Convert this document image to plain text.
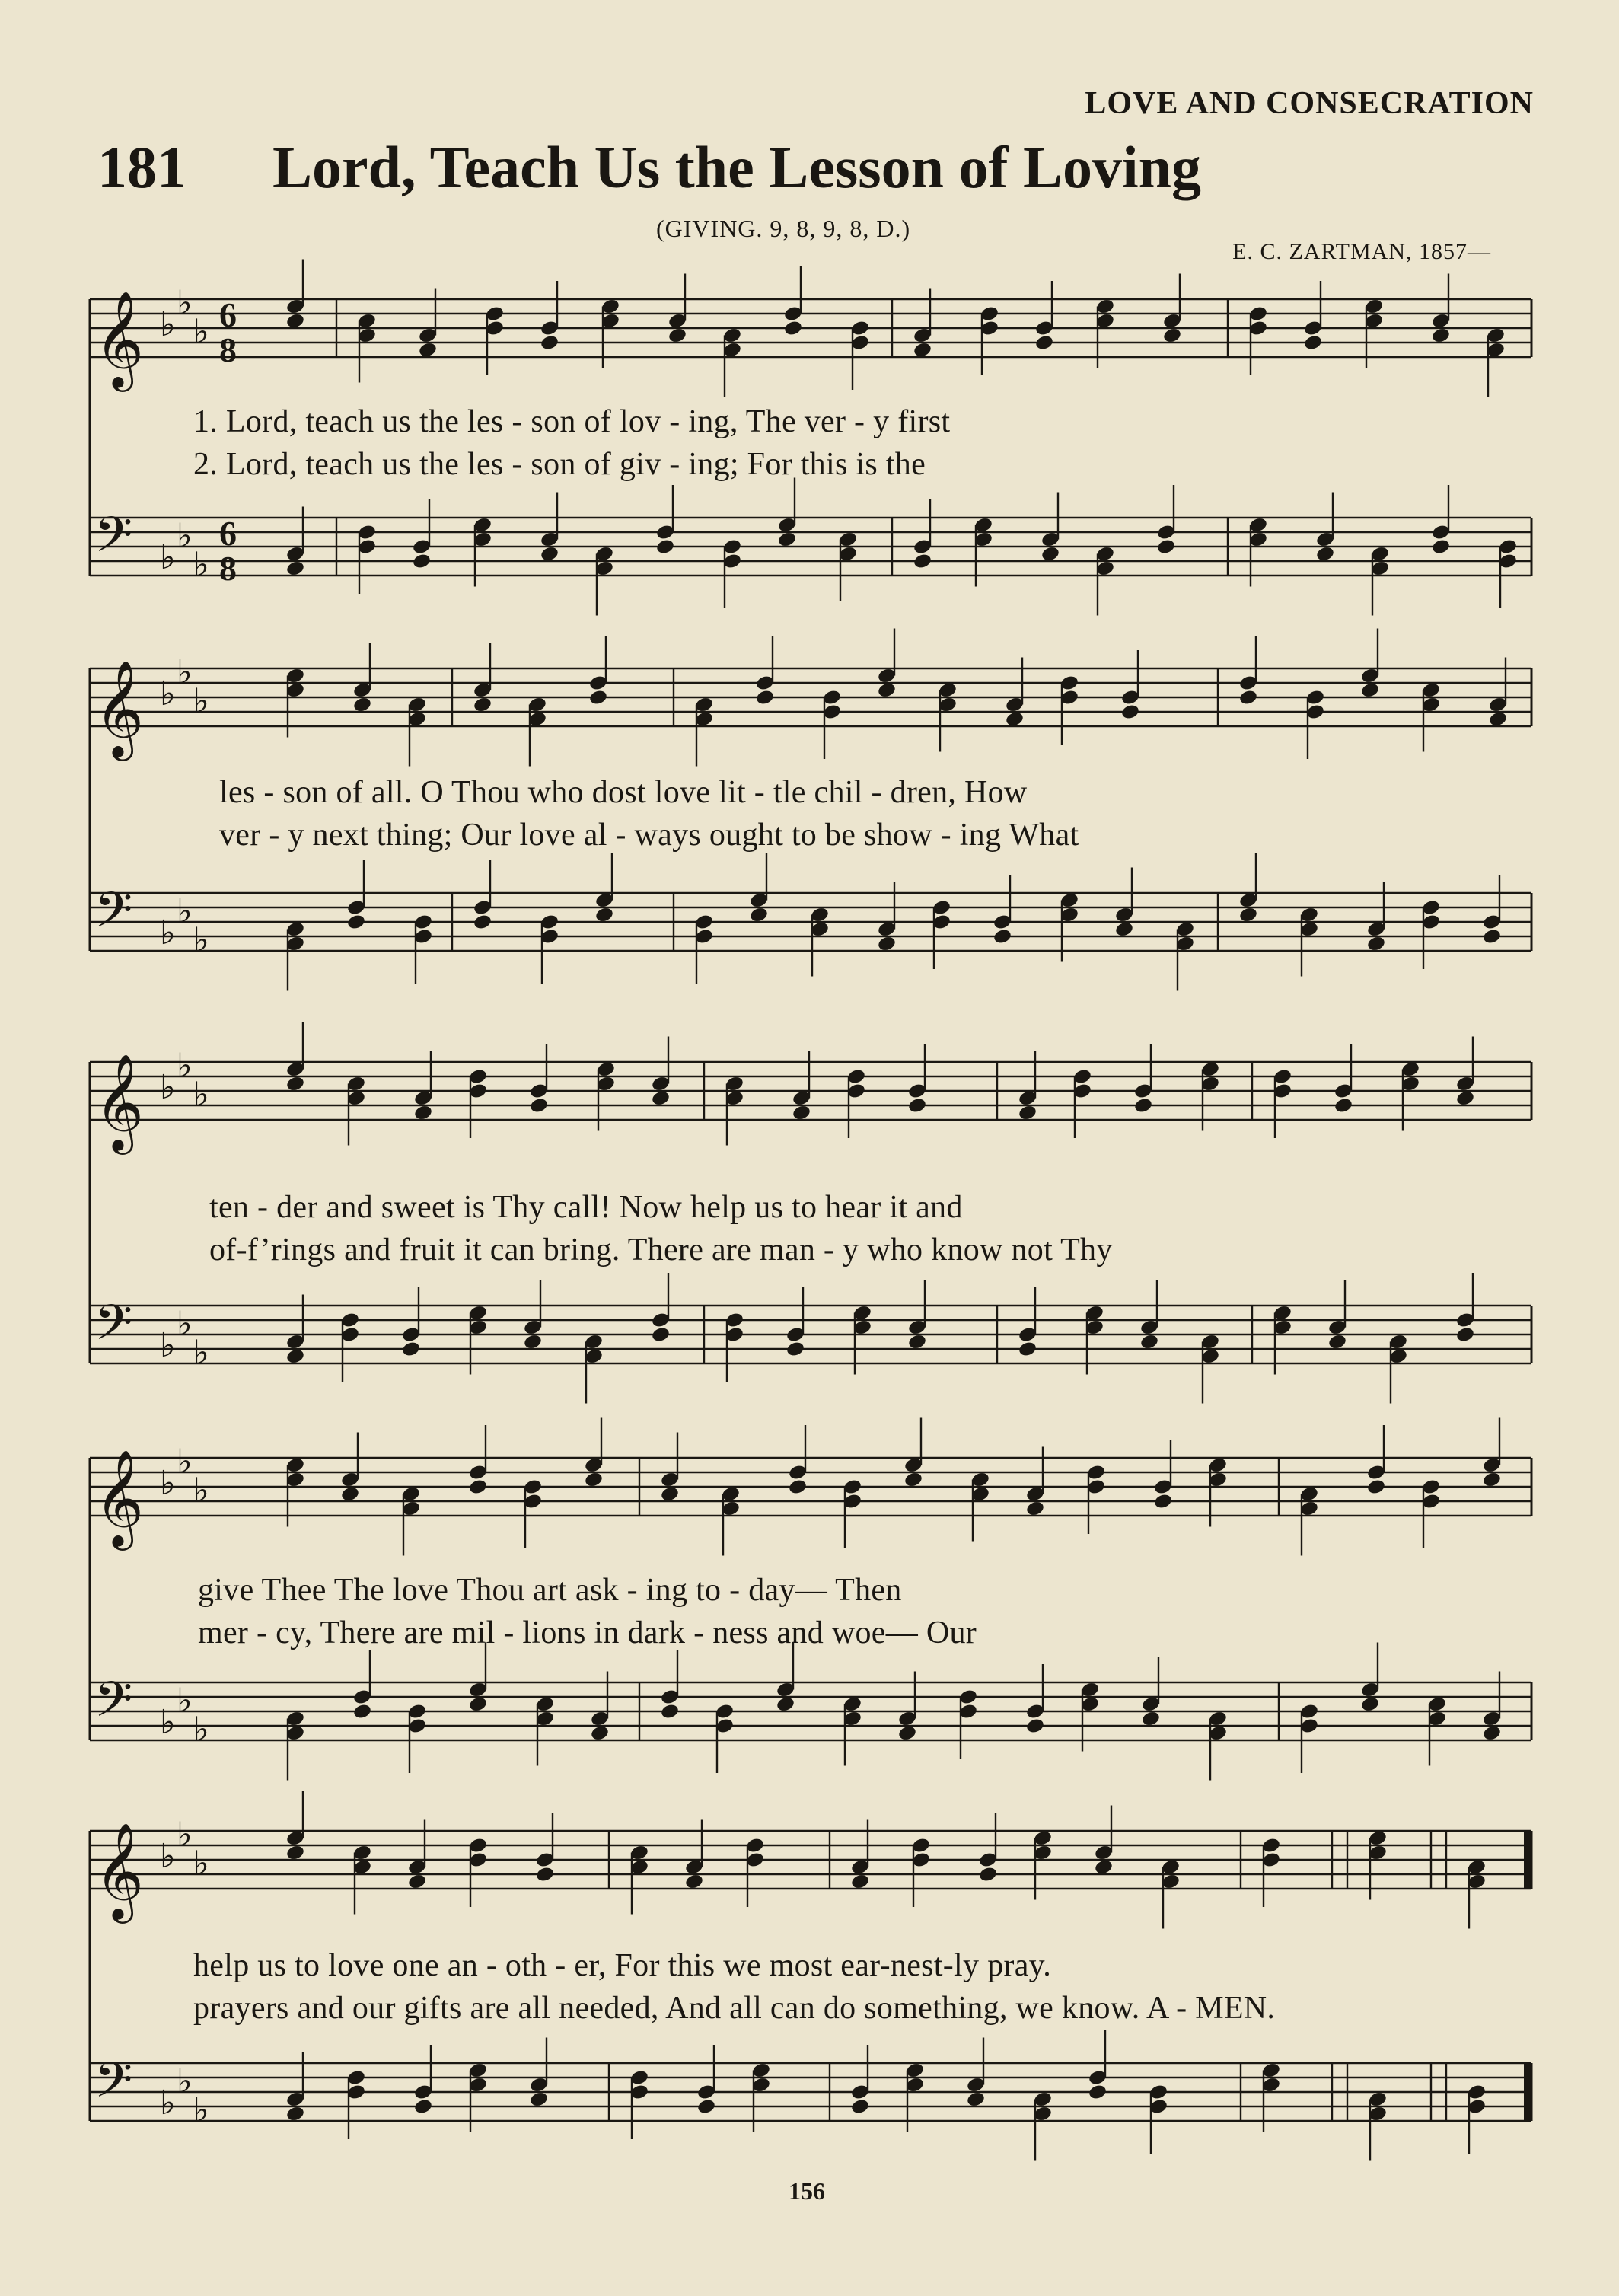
LOVE AND CONSECRATION
181 Lord, Teach Us the Lesson of Loving
(GIVING. 9, 8, 9, 8, D.)
E. C. ZARTMAN, 1857—
𝄞 ♭
♭
♭ 6
8
𝄢 ♭
♭
♭
6
8
𝄞 ♭
♭
♭
𝄢 ♭
♭
♭
𝄞 ♭
♭
♭
𝄢 ♭
♭
♭
𝄞 ♭
♭
♭
𝄢 ♭
♭
♭
𝄞 ♭
♭
♭
𝄢 ♭
♭
♭
1. Lord, teach us the les - son of lov - ing, The ver - y first
2. Lord, teach us the les - son of giv - ing; For this is the
les - son of all. O Thou who dost love lit - tle chil - dren, How
ver - y next thing; Our love al - ways ought to be show - ing What
ten - der and sweet is Thy call! Now help us to hear it and
of-f’rings and fruit it can bring. There are man - y who know not Thy
give Thee The love Thou art ask - ing to - day— Then
mer - cy, There are mil - lions in dark - ness and woe— Our
help us to love one an - oth - er, For this we most ear-nest-ly pray.
prayers and our gifts are all needed, And all can do something, we know. A - MEN.
156
